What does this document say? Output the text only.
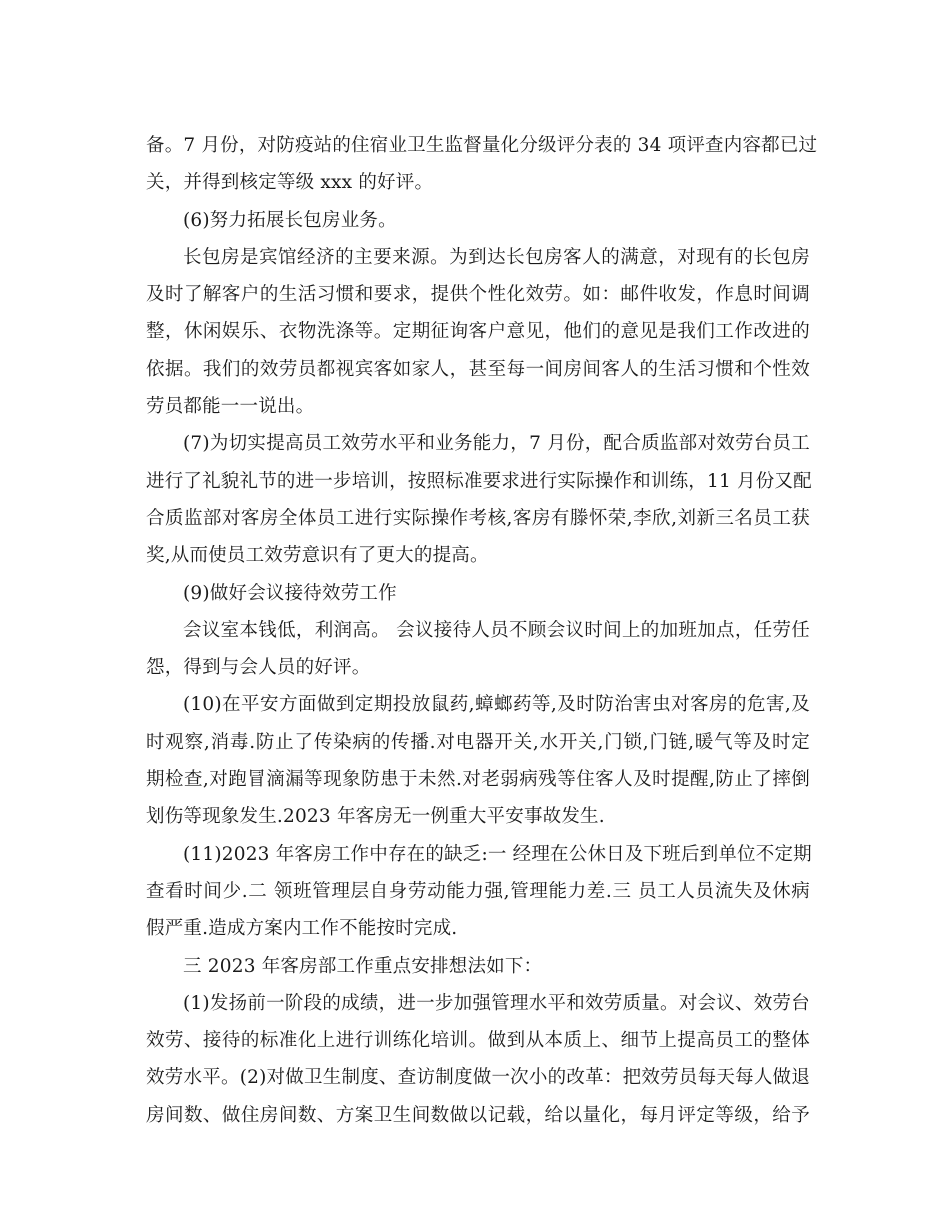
备。7 月份，对防疫站的住宿业卫生监督量化分级评分表的 34 项评查内容都已过
关，并得到核定等级 xxx 的好评。
(6)努力拓展长包房业务。
长包房是宾馆经济的主要来源。为到达长包房客人的满意，对现有的长包房
及时了解客户的生活习惯和要求，提供个性化效劳。如：邮件收发，作息时间调
整，休闲娱乐、衣物洗涤等。定期征询客户意见，他们的意见是我们工作改进的
依据。我们的效劳员都视宾客如家人，甚至每一间房间客人的生活习惯和个性效
劳员都能一一说出。
(7)为切实提高员工效劳水平和业务能力，7 月份，配合质监部对效劳台员工
进行了礼貌礼节的进一步培训，按照标准要求进行实际操作和训练，11 月份又配
合质监部对客房全体员工进行实际操作考核,客房有滕怀荣,李欣,刘新三名员工获
奖,从而使员工效劳意识有了更大的提高。
(9)做好会议接待效劳工作
会议室本钱低，利润高。 会议接待人员不顾会议时间上的加班加点，任劳任
怨，得到与会人员的好评。
(10)在平安方面做到定期投放鼠药,蟑螂药等,及时防治害虫对客房的危害,及
时观察,消毒.防止了传染病的传播.对电器开关,水开关,门锁,门链,暖气等及时定
期检查,对跑冒滴漏等现象防患于未然.对老弱病残等住客人及时提醒,防止了摔倒
划伤等现象发生.2023 年客房无一例重大平安事故发生.
(11)2023 年客房工作中存在的缺乏:一 经理在公休日及下班后到单位不定期
查看时间少.二 领班管理层自身劳动能力强,管理能力差.三 员工人员流失及休病
假严重.造成方案内工作不能按时完成.
三 2023 年客房部工作重点安排想法如下：
(1)发扬前一阶段的成绩，进一步加强管理水平和效劳质量。对会议、效劳台
效劳、接待的标准化上进行训练化培训。做到从本质上、细节上提高员工的整体
效劳水平。(2)对做卫生制度、查访制度做一次小的改革：把效劳员每天每人做退
房间数、做住房间数、方案卫生间数做以记载，给以量化，每月评定等级，给予
